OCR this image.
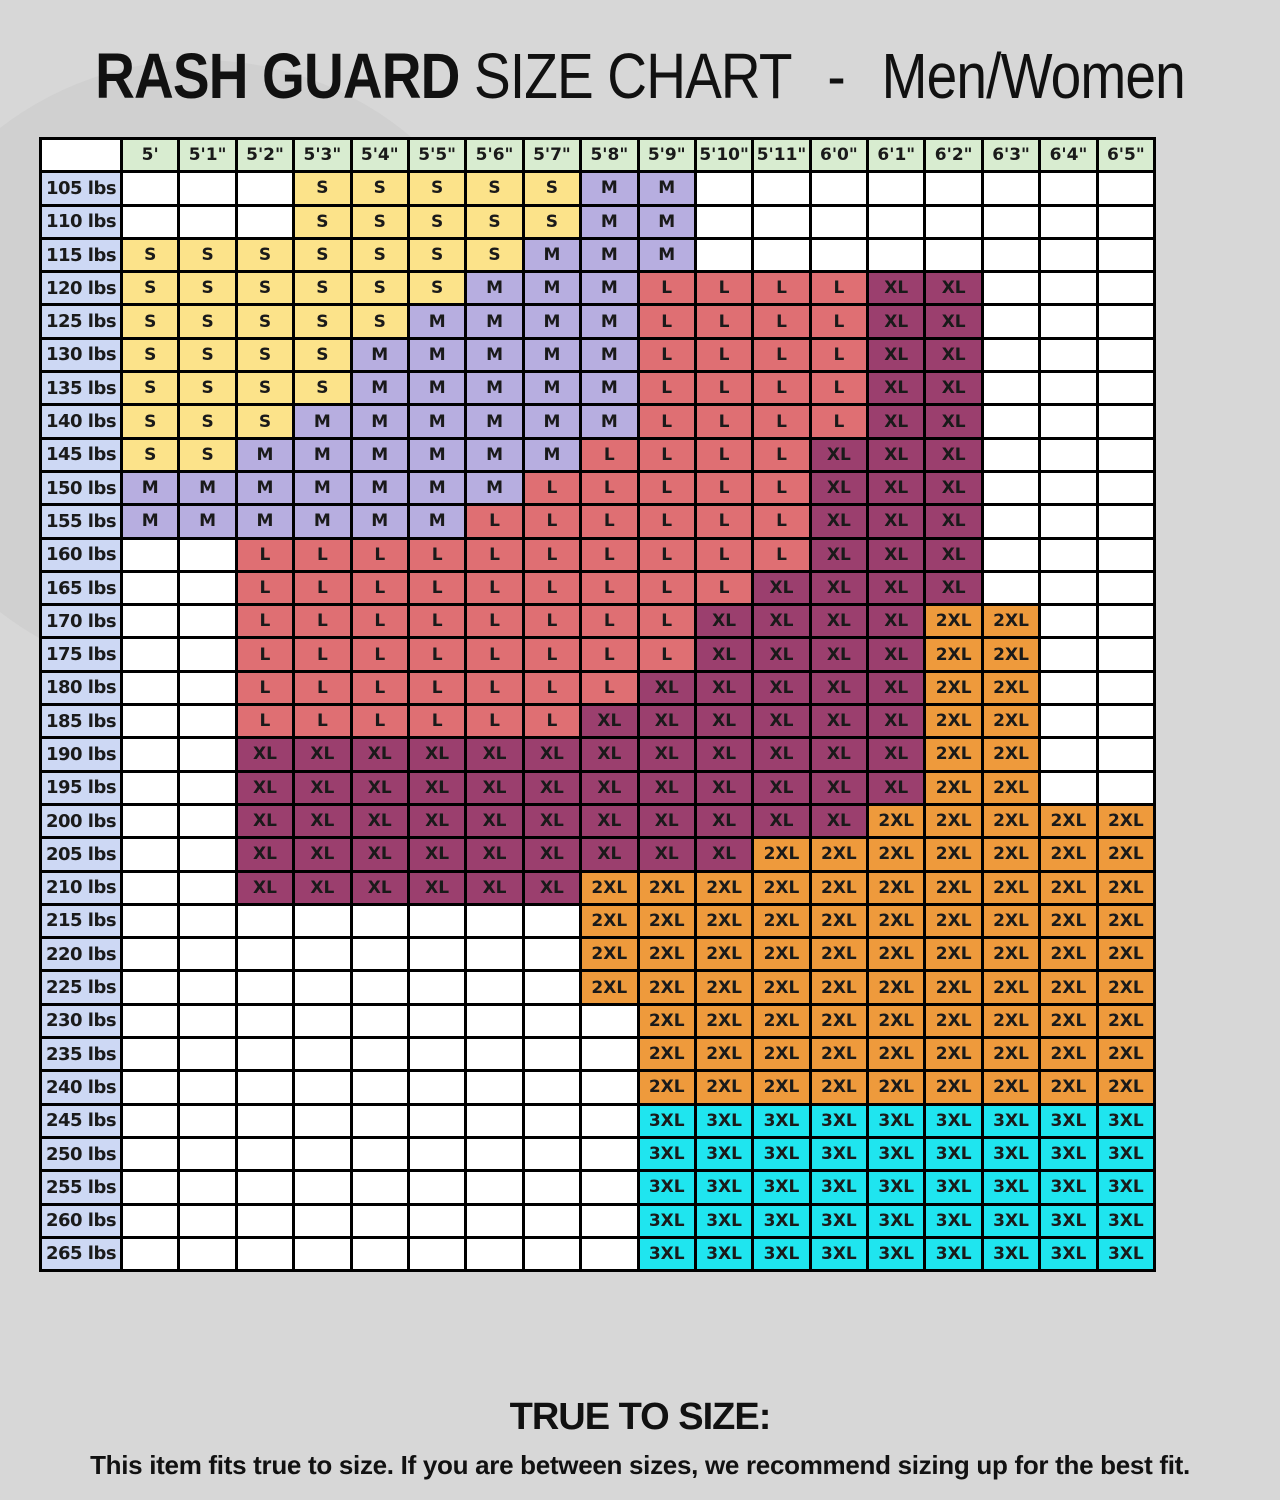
RASH GUARD SIZE CHART - Men/Women
	5'	5'1"	5'2"	5'3"	5'4"	5'5"	5'6"	5'7"	5'8"	5'9"	5'10"	5'11"	6'0"	6'1"	6'2"	6'3"	6'4"	6'5"
105 lbs				S	S	S	S	S	M	M								
110 lbs				S	S	S	S	S	M	M								
115 lbs	S	S	S	S	S	S	S	M	M	M								
120 lbs	S	S	S	S	S	S	M	M	M	L	L	L	L	XL	XL			
125 lbs	S	S	S	S	S	M	M	M	M	L	L	L	L	XL	XL			
130 lbs	S	S	S	S	M	M	M	M	M	L	L	L	L	XL	XL			
135 lbs	S	S	S	S	M	M	M	M	M	L	L	L	L	XL	XL			
140 lbs	S	S	S	M	M	M	M	M	M	L	L	L	L	XL	XL			
145 lbs	S	S	M	M	M	M	M	M	L	L	L	L	XL	XL	XL			
150 lbs	M	M	M	M	M	M	M	L	L	L	L	L	XL	XL	XL			
155 lbs	M	M	M	M	M	M	L	L	L	L	L	L	XL	XL	XL			
160 lbs			L	L	L	L	L	L	L	L	L	L	XL	XL	XL			
165 lbs			L	L	L	L	L	L	L	L	L	XL	XL	XL	XL			
170 lbs			L	L	L	L	L	L	L	L	XL	XL	XL	XL	2XL	2XL		
175 lbs			L	L	L	L	L	L	L	L	XL	XL	XL	XL	2XL	2XL		
180 lbs			L	L	L	L	L	L	L	XL	XL	XL	XL	XL	2XL	2XL		
185 lbs			L	L	L	L	L	L	XL	XL	XL	XL	XL	XL	2XL	2XL		
190 lbs			XL	XL	XL	XL	XL	XL	XL	XL	XL	XL	XL	XL	2XL	2XL		
195 lbs			XL	XL	XL	XL	XL	XL	XL	XL	XL	XL	XL	XL	2XL	2XL		
200 lbs			XL	XL	XL	XL	XL	XL	XL	XL	XL	XL	XL	2XL	2XL	2XL	2XL	2XL
205 lbs			XL	XL	XL	XL	XL	XL	XL	XL	XL	2XL	2XL	2XL	2XL	2XL	2XL	2XL
210 lbs			XL	XL	XL	XL	XL	XL	2XL	2XL	2XL	2XL	2XL	2XL	2XL	2XL	2XL	2XL
215 lbs									2XL	2XL	2XL	2XL	2XL	2XL	2XL	2XL	2XL	2XL
220 lbs									2XL	2XL	2XL	2XL	2XL	2XL	2XL	2XL	2XL	2XL
225 lbs									2XL	2XL	2XL	2XL	2XL	2XL	2XL	2XL	2XL	2XL
230 lbs										2XL	2XL	2XL	2XL	2XL	2XL	2XL	2XL	2XL
235 lbs										2XL	2XL	2XL	2XL	2XL	2XL	2XL	2XL	2XL
240 lbs										2XL	2XL	2XL	2XL	2XL	2XL	2XL	2XL	2XL
245 lbs										3XL	3XL	3XL	3XL	3XL	3XL	3XL	3XL	3XL
250 lbs										3XL	3XL	3XL	3XL	3XL	3XL	3XL	3XL	3XL
255 lbs										3XL	3XL	3XL	3XL	3XL	3XL	3XL	3XL	3XL
260 lbs										3XL	3XL	3XL	3XL	3XL	3XL	3XL	3XL	3XL
265 lbs										3XL	3XL	3XL	3XL	3XL	3XL	3XL	3XL	3XL
TRUE TO SIZE:
This item fits true to size. If you are between sizes, we recommend sizing up for the best fit.
